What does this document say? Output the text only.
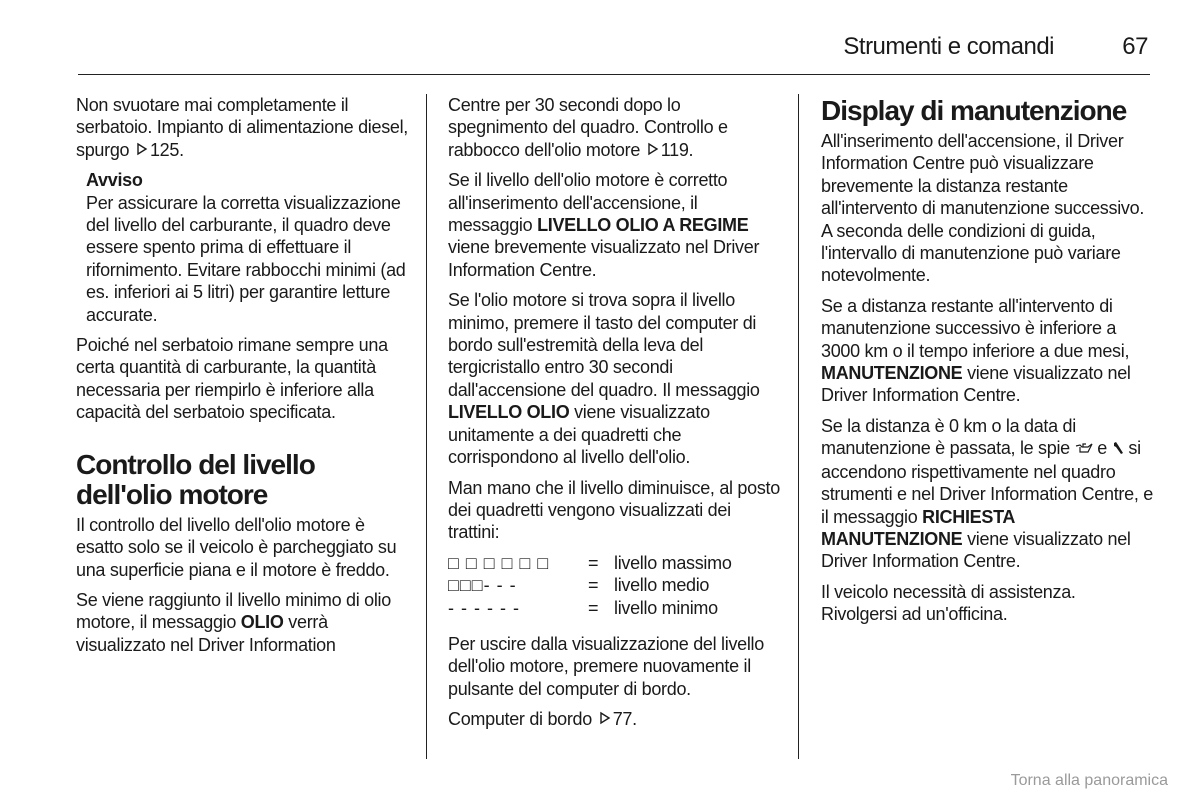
Strumenti e comandi	67

Non svuotare mai completamente il serbatoio. Impianto di alimentazione diesel, spurgo 125.

Avviso

Per assicurare la corretta visualizzazione del livello del carburante, il quadro deve essere spento prima di effettuare il rifornimento. Evitare rabbocchi minimi (ad es. inferiori ai 5 litri) per garantire letture accurate.

Poiché nel serbatoio rimane sempre una certa quantità di carburante, la quantità necessaria per riempirlo è inferiore alla capacità del serbatoio specificata.

Controllo del livello dell'olio motore

Il controllo del livello dell'olio motore è esatto solo se il veicolo è parcheggiato su una superficie piana e il motore è freddo.

Se viene raggiunto il livello minimo di olio motore, il messaggio OLIO verrà visualizzato nel Driver Information

Centre per 30 secondi dopo lo spegnimento del quadro. Controllo e rabbocco dell'olio motore 119.

Se il livello dell'olio motore è corretto all'inserimento dell'accensione, il messaggio LIVELLO OLIO A REGIME viene brevemente visualizzato nel Driver Information Centre.

Se l'olio motore si trova sopra il livello minimo, premere il tasto del computer di bordo sull'estremità della leva del tergicristallo entro 30 secondi dall'accensione del quadro. Il messaggio LIVELLO OLIO viene visualizzato unitamente a dei quadretti che corrispondono al livello dell'olio.

Man mano che il livello diminuisce, al posto dei quadretti vengono visualizzati dei trattini:

□ □ □ □ □ □	=	livello massimo
□□□- - -	=	livello medio
- - - - - -	=	livello minimo

Per uscire dalla visualizzazione del livello dell'olio motore, premere nuovamente il pulsante del computer di bordo.

Computer di bordo 77.

Display di manutenzione

All'inserimento dell'accensione, il Driver Information Centre può visualizzare brevemente la distanza restante all'intervento di manutenzione successivo. A seconda delle condizioni di guida, l'intervallo di manutenzione può variare notevolmente.

Se a distanza restante all'intervento di manutenzione successivo è inferiore a 3000 km o il tempo inferiore a due mesi, MANUTENZIONE viene visualizzato nel Driver Information Centre.

Se la distanza è 0 km o la data di manutenzione è passata, le spie e si accendono rispettivamente nel quadro strumenti e nel Driver Information Centre, e il messaggio RICHIESTA MANUTENZIONE viene visualizzato nel Driver Information Centre.

Il veicolo necessità di assistenza. Rivolgersi ad un'officina.

Torna alla panoramica
